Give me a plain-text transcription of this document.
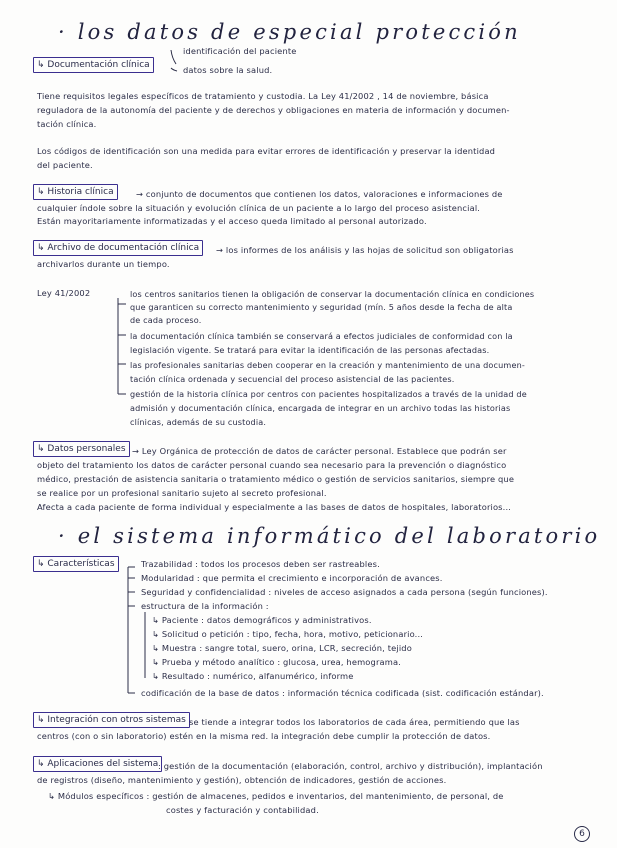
· los datos de especial protección
↳ Documentación clínica
identificación del paciente
datos sobre la salud.
Tiene requisitos legales específicos de tratamiento y custodia. La Ley 41/2002 , 14 de noviembre, básica
reguladora de la autonomía del paciente y de derechos y obligaciones en materia de información y documen-
tación clínica.
Los códigos de identificación son una medida para evitar errores de identificación y preservar la identidad
del paciente.
↳ Historia clínica	→ conjunto de documentos que contienen los datos, valoraciones e informaciones de
cualquier índole sobre la situación y evolución clínica de un paciente a lo largo del proceso asistencial.
Están mayoritariamente informatizadas y el acceso queda limitado al personal autorizado.
↳ Archivo de documentación clínica	→ los informes de los análisis y las hojas de solicitud son obligatorias
archivarlos durante un tiempo.
Ley 41/2002	los centros sanitarios tienen la obligación de conservar la documentación clínica en condiciones
que garanticen su correcto mantenimiento y seguridad (mín. 5 años desde la fecha de alta
de cada proceso.
la documentación clínica también se conservará a efectos judiciales de conformidad con la
legislación vigente. Se tratará para evitar la identificación de las personas afectadas.
las profesionales sanitarias deben cooperar en la creación y mantenimiento de una documen-
tación clínica ordenada y secuencial del proceso asistencial de las pacientes.
gestión de la historia clínica por centros con pacientes hospitalizados a través de la unidad de
admisión y documentación clínica, encargada de integrar en un archivo todas las historias
clínicas, además de su custodia.
↳ Datos personales → Ley Orgánica de protección de datos de carácter personal. Establece que podrán ser
objeto del tratamiento los datos de carácter personal cuando sea necesario para la prevención o diagnóstico
médico, prestación de asistencia sanitaria o tratamiento médico o gestión de servicios sanitarios, siempre que
se realice por un profesional sanitario sujeto al secreto profesional.
Afecta a cada paciente de forma individual y especialmente a las bases de datos de hospitales, laboratorios...
· el sistema informático del laboratorio
↳ Características	Trazabilidad : todos los procesos deben ser rastreables.
Modularidad : que permita el crecimiento e incorporación de avances.
Seguridad y confidencialidad : niveles de acceso asignados a cada persona (según funciones).
estructura de la información :
↳ Paciente : datos demográficos y administrativos.
↳ Solicitud o petición : tipo, fecha, hora, motivo, peticionario...
↳ Muestra : sangre total, suero, orina, LCR, secreción, tejido
↳ Prueba y método analítico : glucosa, urea, hemograma.
↳ Resultado : numérico, alfanumérico, informe
codificación de la base de datos : información técnica codificada (sist. codificación estándar).
↳ Integración con otros sistemas se tiende a integrar todos los laboratorios de cada área, permitiendo que las
centros (con o sin laboratorio) estén en la misma red. la integración debe cumplir la protección de datos.
↳ Aplicaciones del sistema : gestión de la documentación (elaboración, control, archivo y distribución), implantación
de registros (diseño, mantenimiento y gestión), obtención de indicadores, gestión de acciones.
↳ Módulos específicos : gestión de almacenes, pedidos e inventarios, del mantenimiento, de personal, de
costes y facturación y contabilidad.
6
